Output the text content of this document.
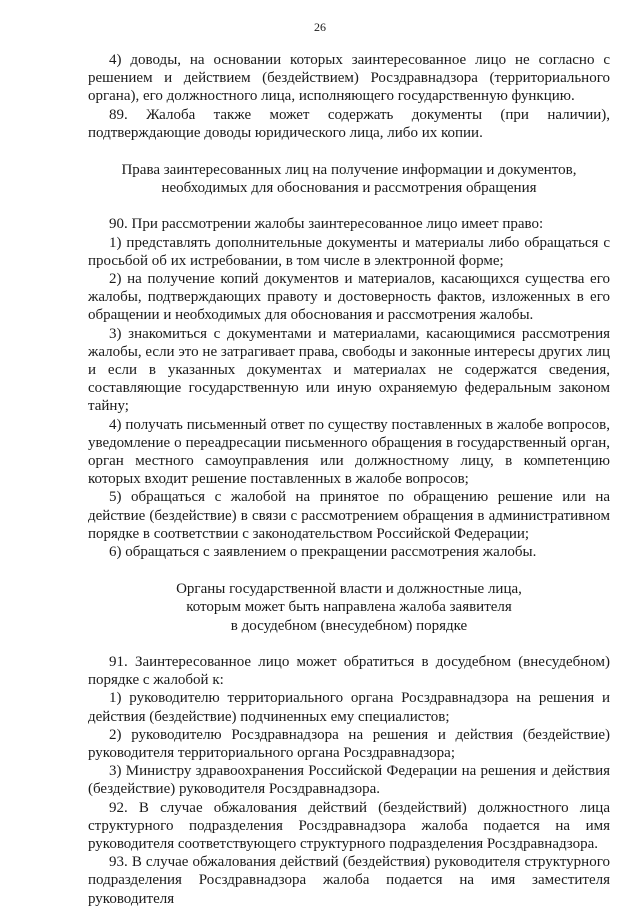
26

4) доводы, на основании которых заинтересованное лицо не согласно с решением и действием (бездействием) Росздравнадзора (территориального органа), его должностного лица, исполняющего государственную функцию.

89. Жалоба также может содержать документы (при наличии), подтверждающие доводы юридического лица, либо их копии.

Права заинтересованных лиц на получение информации и документов,
необходимых для обоснования и рассмотрения обращения

90. При рассмотрении жалобы заинтересованное лицо имеет право:

1) представлять дополнительные документы и материалы либо обращаться с просьбой об их истребовании, в том числе в электронной форме;

2) на получение копий документов и материалов, касающихся существа его жалобы, подтверждающих правоту и достоверность фактов, изложенных в его обращении и необходимых для обоснования и рассмотрения жалобы.

3) знакомиться с документами и материалами, касающимися рассмотрения жалобы, если это не затрагивает права, свободы и законные интересы других лиц и если в указанных документах и материалах не содержатся сведения, составляющие государственную или иную охраняемую федеральным законом тайну;

4) получать письменный ответ по существу поставленных в жалобе вопросов, уведомление о переадресации письменного обращения в государственный орган, орган местного самоуправления или должностному лицу, в компетенцию которых входит решение поставленных в жалобе вопросов;

5) обращаться с жалобой на принятое по обращению решение или на действие (бездействие) в связи с рассмотрением обращения в административном порядке в соответствии с законодательством Российской Федерации;

6) обращаться с заявлением о прекращении рассмотрения жалобы.

Органы государственной власти и должностные лица,
которым может быть направлена жалоба заявителя
в досудебном (внесудебном) порядке

91. Заинтересованное лицо может обратиться в досудебном (внесудебном) порядке с жалобой к:

1) руководителю территориального органа Росздравнадзора на решения и действия (бездействие) подчиненных ему специалистов;

2) руководителю Росздравнадзора на решения и действия (бездействие) руководителя территориального органа Росздравнадзора;

3) Министру здравоохранения Российской Федерации на решения и действия (бездействие) руководителя Росздравнадзора.

92. В случае обжалования действий (бездействий) должностного лица структурного подразделения Росздравнадзора жалоба подается на имя руководителя соответствующего структурного подразделения Росздравнадзора.

93. В случае обжалования действий (бездействия) руководителя структурного подразделения Росздравнадзора жалоба подается на имя заместителя руководителя
